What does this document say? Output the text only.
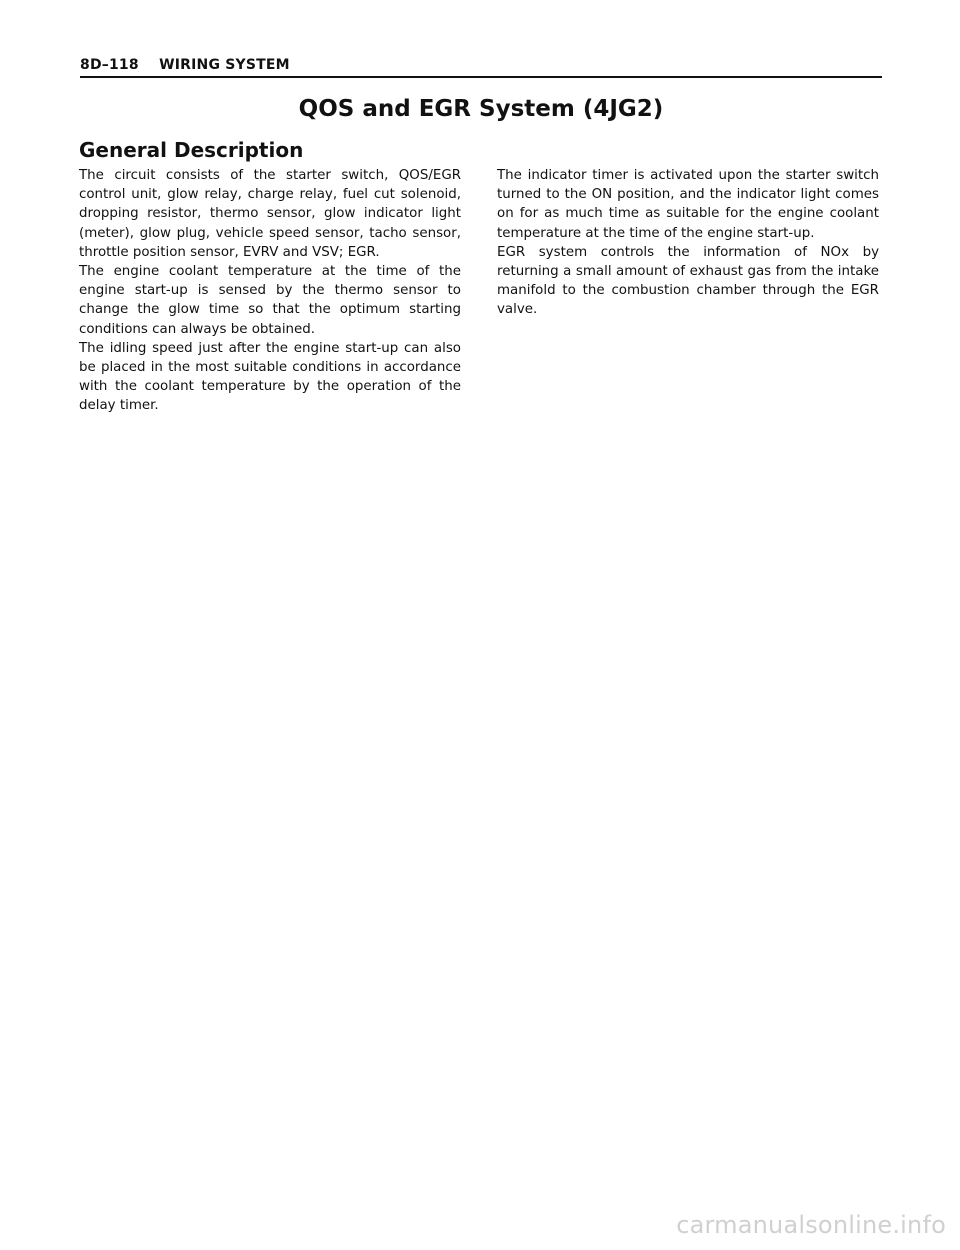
8D–118 WIRING SYSTEM
QOS and EGR System (4JG2)
General Description

The circuit consists of the starter switch, QOS/EGR control unit, glow relay, charge relay, fuel cut solenoid, dropping resistor, thermo sensor, glow indicator light (meter), glow plug, vehicle speed sensor, tacho sensor, throttle position sensor, EVRV and VSV; EGR.

The engine coolant temperature at the time of the engine start-up is sensed by the thermo sensor to change the glow time so that the optimum starting conditions can always be obtained.

The idling speed just after the engine start-up can also be placed in the most suitable conditions in accordance with the coolant temperature by the operation of the delay timer.

The indicator timer is activated upon the starter switch turned to the ON position, and the indicator light comes on for as much time as suitable for the engine coolant temperature at the time of the engine start-up.

EGR system controls the information of NOx by returning a small amount of exhaust gas from the intake manifold to the combustion chamber through the EGR valve.

carmanualsonline.info
